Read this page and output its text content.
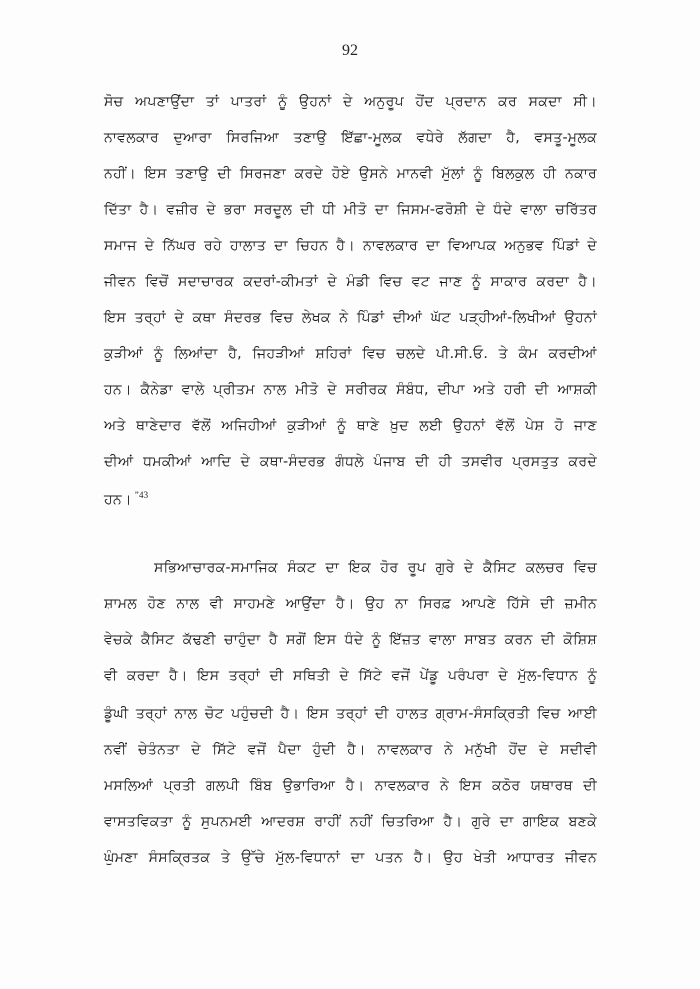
92
ਸੋਚ ਅਪਣਾਉਂਦਾ ਤਾਂ ਪਾਤਰਾਂ ਨੂੰ ਉਹਨਾਂ ਦੇ ਅਨੁਰੂਪ ਹੋਂਦ ਪ੍ਰਦਾਨ ਕਰ ਸਕਦਾ ਸੀ।
ਨਾਵਲਕਾਰ ਦੁਆਰਾ ਸਿਰਜਿਆ ਤਣਾਉ ਇੱਛਾ-ਮੂਲਕ ਵਧੇਰੇ ਲੱਗਦਾ ਹੈ, ਵਸਤੂ-ਮੂਲਕ
ਨਹੀਂ। ਇਸ ਤਣਾਉ ਦੀ ਸਿਰਜਣਾ ਕਰਦੇ ਹੋਏ ਉਸਨੇ ਮਾਨਵੀ ਮੁੱਲਾਂ ਨੂੰ ਬਿਲਕੁਲ ਹੀ ਨਕਾਰ
ਦਿੱਤਾ ਹੈ। ਵਜ਼ੀਰ ਦੇ ਭਰਾ ਸਰਦੂਲ ਦੀ ਧੀ ਮੀਤੋ ਦਾ ਜਿਸਮ-ਫਰੋਸ਼ੀ ਦੇ ਧੰਦੇ ਵਾਲਾ ਚਰਿੱਤਰ
ਸਮਾਜ ਦੇ ਨਿੱਘਰ ਰਹੇ ਹਾਲਾਤ ਦਾ ਚਿਹਨ ਹੈ। ਨਾਵਲਕਾਰ ਦਾ ਵਿਆਪਕ ਅਨੁਭਵ ਪਿੰਡਾਂ ਦੇ
ਜੀਵਨ ਵਿਚੋਂ ਸਦਾਚਾਰਕ ਕਦਰਾਂ-ਕੀਮਤਾਂ ਦੇ ਮੰਡੀ ਵਿਚ ਵਟ ਜਾਣ ਨੂੰ ਸਾਕਾਰ ਕਰਦਾ ਹੈ।
ਇਸ ਤਰ੍ਹਾਂ ਦੇ ਕਥਾ ਸੰਦਰਭ ਵਿਚ ਲੇਖਕ ਨੇ ਪਿੰਡਾਂ ਦੀਆਂ ਘੱਟ ਪੜ੍ਹੀਆਂ-ਲਿਖੀਆਂ ਉਹਨਾਂ
ਕੁੜੀਆਂ ਨੂੰ ਲਿਆਂਦਾ ਹੈ, ਜਿਹੜੀਆਂ ਸ਼ਹਿਰਾਂ ਵਿਚ ਚਲਦੇ ਪੀ.ਸੀ.ਓ. ਤੇ ਕੰਮ ਕਰਦੀਆਂ
ਹਨ। ਕੈਨੇਡਾ ਵਾਲੇ ਪ੍ਰੀਤਮ ਨਾਲ ਮੀਤੋ ਦੇ ਸਰੀਰਕ ਸੰਬੰਧ, ਦੀਪਾ ਅਤੇ ਹਰੀ ਦੀ ਆਸ਼ਕੀ
ਅਤੇ ਥਾਣੇਦਾਰ ਵੱਲੋਂ ਅਜਿਹੀਆਂ ਕੁੜੀਆਂ ਨੂੰ ਥਾਣੇ ਖ਼ੁਦ ਲਈ ਉਹਨਾਂ ਵੱਲੋਂ ਪੇਸ਼ ਹੋ ਜਾਣ
ਦੀਆਂ ਧਮਕੀਆਂ ਆਦਿ ਦੇ ਕਥਾ-ਸੰਦਰਭ ਗੰਧਲੇ ਪੰਜਾਬ ਦੀ ਹੀ ਤਸਵੀਰ ਪ੍ਰਸਤੁਤ ਕਰਦੇ
ਹਨ। $^{”43}$
ਸਭਿਆਚਾਰਕ-ਸਮਾਜਿਕ ਸੰਕਟ ਦਾ ਇਕ ਹੋਰ ਰੂਪ ਗੁਰੇ ਦੇ ਕੈਸਿਟ ਕਲਚਰ ਵਿਚ
ਸ਼ਾਮਲ ਹੋਣ ਨਾਲ ਵੀ ਸਾਹਮਣੇ ਆਉਂਦਾ ਹੈ। ਉਹ ਨਾ ਸਿਰਫ਼ ਆਪਣੇ ਹਿੱਸੇ ਦੀ ਜ਼ਮੀਨ
ਵੇਚਕੇ ਕੈਸਿਟ ਕੱਢਣੀ ਚਾਹੁੰਦਾ ਹੈ ਸਗੋਂ ਇਸ ਧੰਦੇ ਨੂੰ ਇੱਜ਼ਤ ਵਾਲਾ ਸਾਬਤ ਕਰਨ ਦੀ ਕੋਸ਼ਿਸ਼
ਵੀ ਕਰਦਾ ਹੈ। ਇਸ ਤਰ੍ਹਾਂ ਦੀ ਸਥਿਤੀ ਦੇ ਸਿੱਟੇ ਵਜੋਂ ਪੇਂਡੂ ਪਰੰਪਰਾ ਦੇ ਮੁੱਲ-ਵਿਧਾਨ ਨੂੰ
ਡੂੰਘੀ ਤਰ੍ਹਾਂ ਨਾਲ ਚੋਟ ਪਹੁੰਚਦੀ ਹੈ। ਇਸ ਤਰ੍ਹਾਂ ਦੀ ਹਾਲਤ ਗ੍ਰਾਮ-ਸੰਸਕ੍ਰਿਤੀ ਵਿਚ ਆਈ
ਨਵੀਂ ਚੇਤੰਨਤਾ ਦੇ ਸਿੱਟੇ ਵਜੋਂ ਪੈਦਾ ਹੁੰਦੀ ਹੈ। ਨਾਵਲਕਾਰ ਨੇ ਮਨੁੱਖੀ ਹੋਂਦ ਦੇ ਸਦੀਵੀ
ਮਸਲਿਆਂ ਪ੍ਰਤੀ ਗਲਪੀ ਬਿੰਬ ਉਭਾਰਿਆ ਹੈ। ਨਾਵਲਕਾਰ ਨੇ ਇਸ ਕਠੋਰ ਯਥਾਰਥ ਦੀ
ਵਾਸਤਵਿਕਤਾ ਨੂੰ ਸੁਪਨਮਈ ਆਦਰਸ਼ ਰਾਹੀਂ ਨਹੀਂ ਚਿਤਰਿਆ ਹੈ। ਗੁਰੇ ਦਾ ਗਾਇਕ ਬਣਕੇ
ਘੁੰਮਣਾ ਸੰਸਕ੍ਰਿਤਕ ਤੇ ਉੱਚੇ ਮੁੱਲ-ਵਿਧਾਨਾਂ ਦਾ ਪਤਨ ਹੈ। ਉਹ ਖੇਤੀ ਆਧਾਰਤ ਜੀਵਨ
